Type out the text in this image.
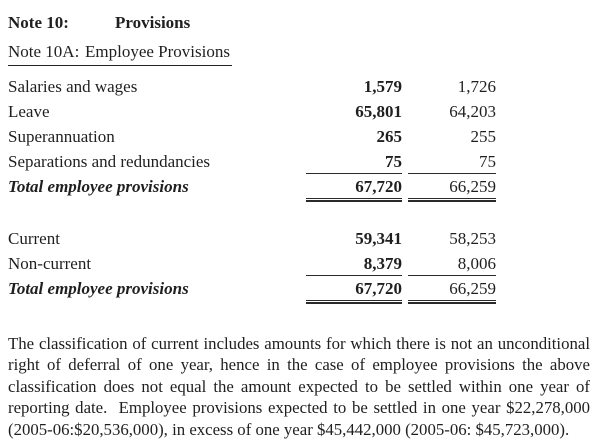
Note 10:	Provisions
Note 10A: Employee Provisions
Salaries and wages	1,579	1,726
Leave	65,801	64,203
Superannuation	265	255
Separations and redundancies	75	75
Total employee provisions	67,720	66,259
Current	59,341	58,253
Non-current	8,379	8,006
Total employee provisions	67,720	66,259

The classification of current includes amounts for which there is not an unconditional right of deferral of one year, hence in the case of employee provisions the above classification does not equal the amount expected to be settled within one year of reporting date.  Employee provisions expected to be settled in one year $22,278,000 (2005-06:$20,536,000), in excess of one year $45,442,000 (2005-06: $45,723,000).
